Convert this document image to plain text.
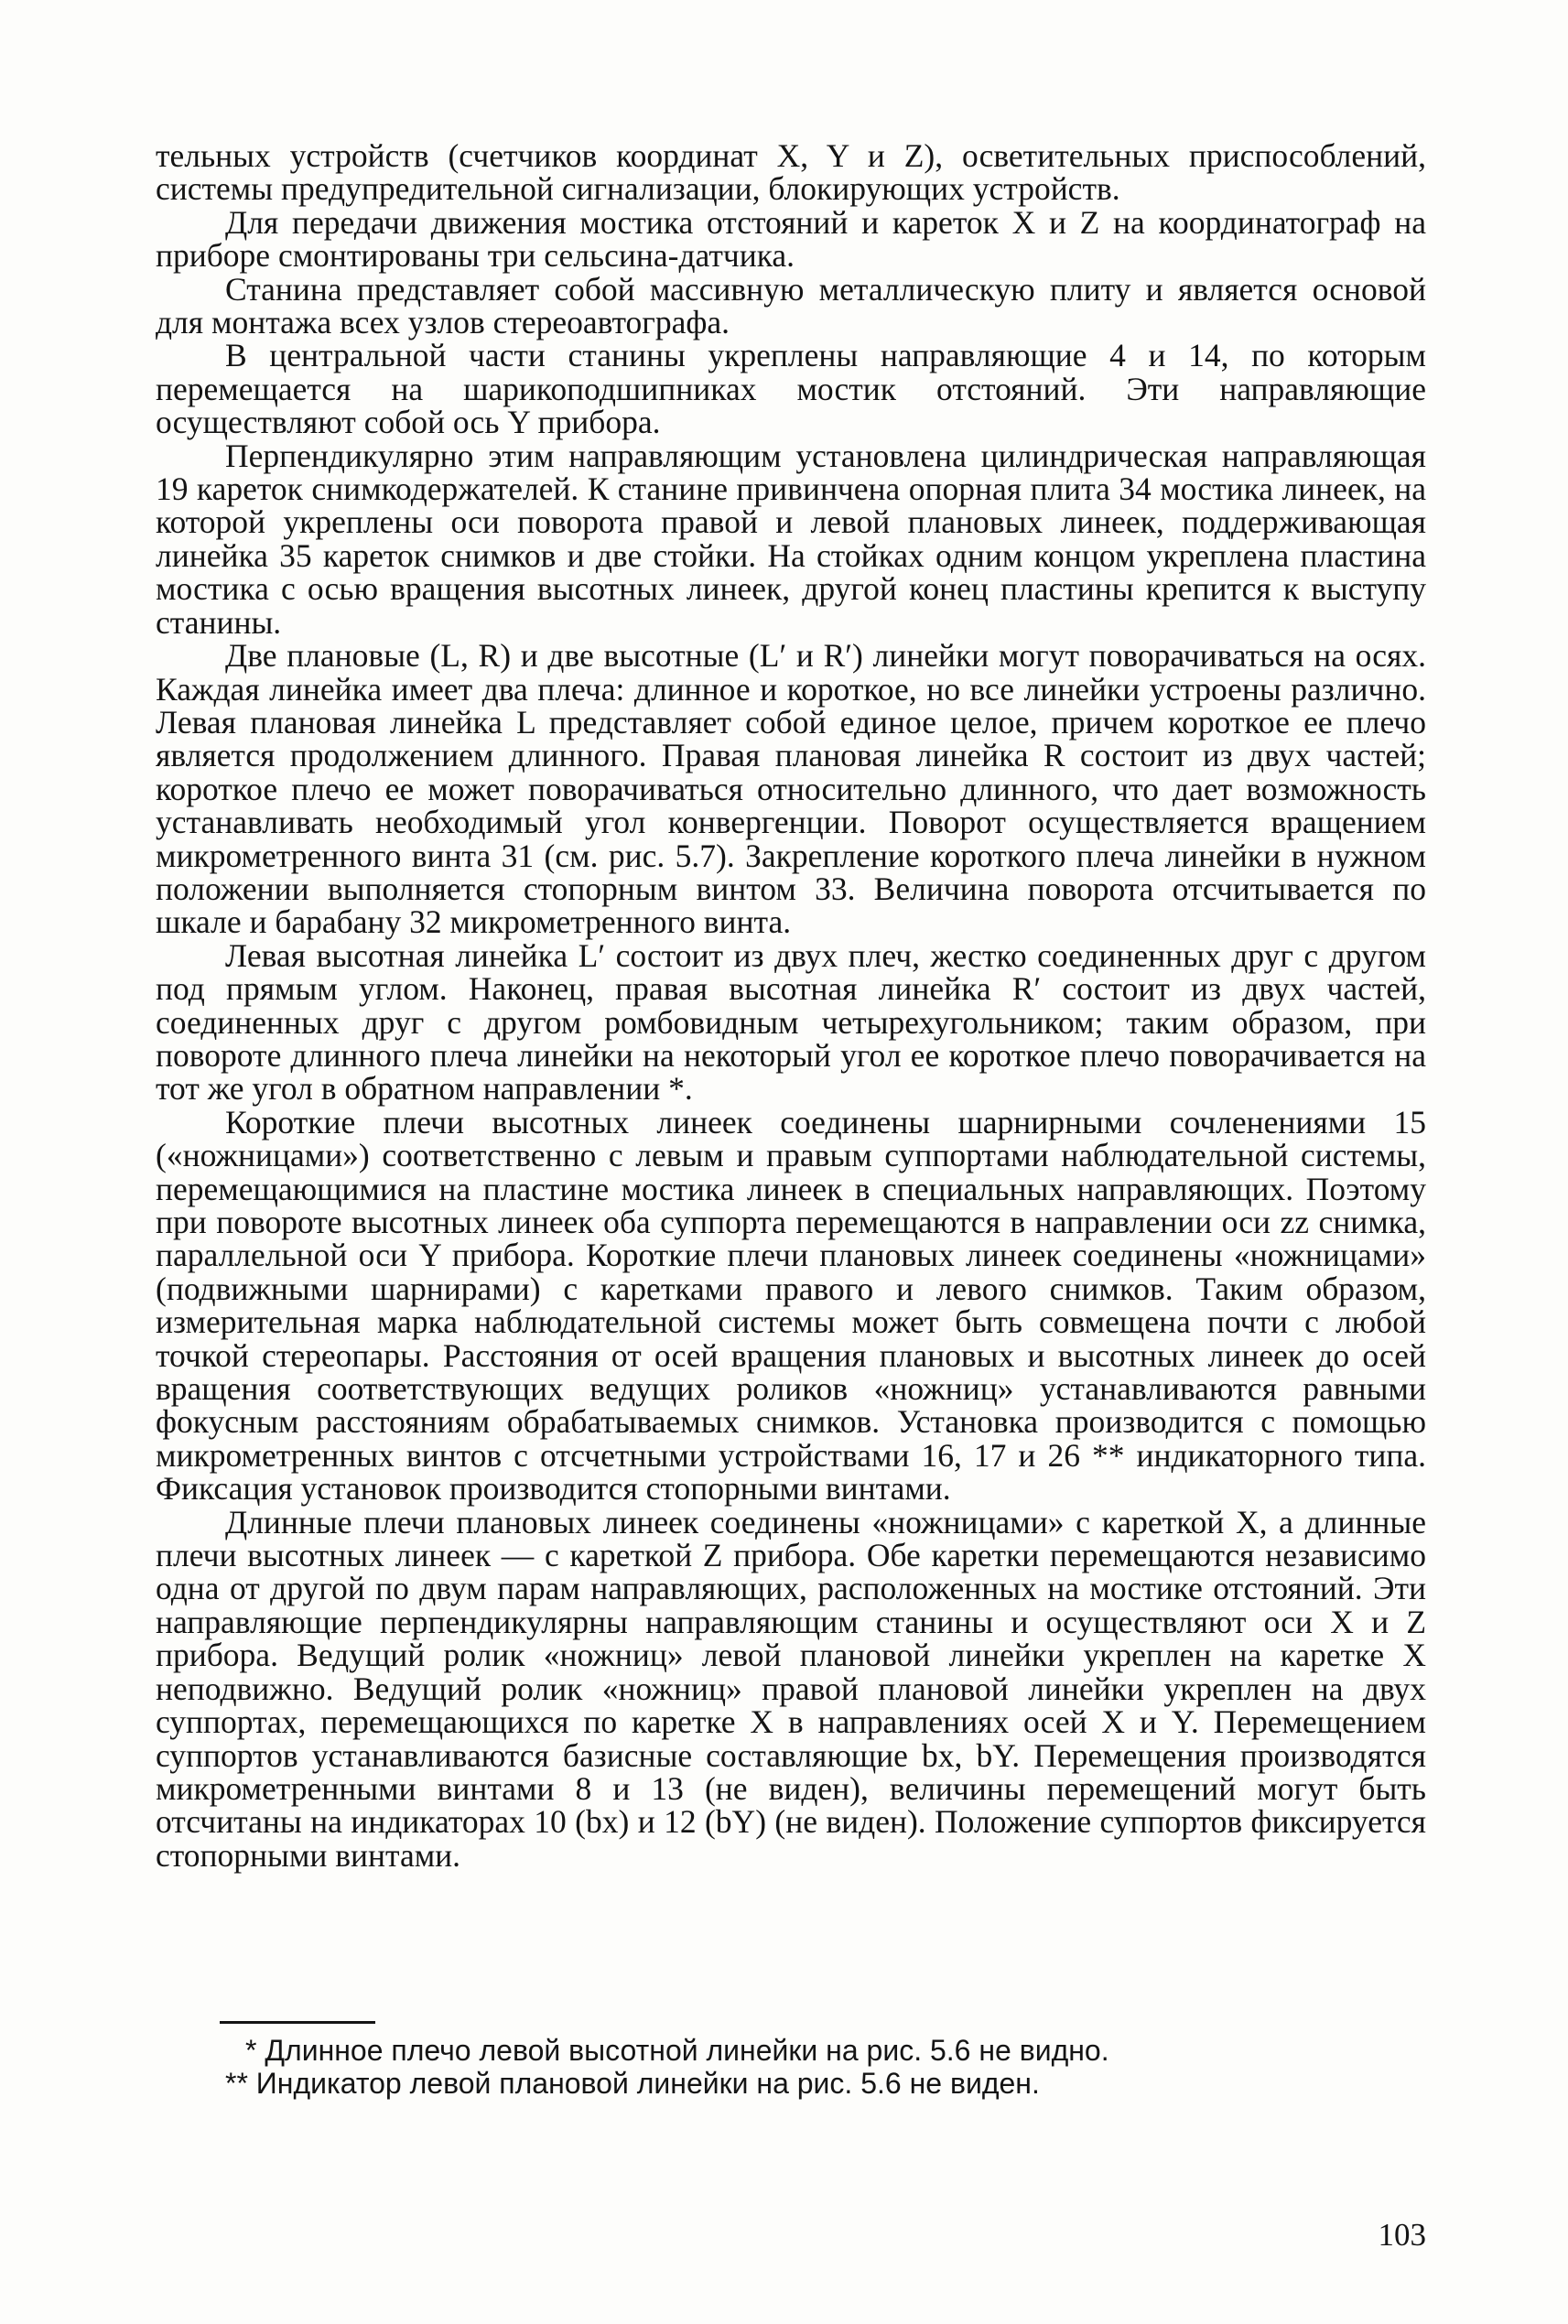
тельных устройств (счетчиков координат X, Y и Z), осветительных приспособлений, системы предупредительной сигнализации, блокирующих устройств.

Для передачи движения мостика отстояний и кареток X и Z на координатограф на приборе смонтированы три сельсина-датчика.

Станина представляет собой массивную металлическую плиту и является основой для монтажа всех узлов стереоавтографа.

В центральной части станины укреплены направляющие 4 и 14, по которым перемещается на шарикоподшипниках мостик отстояний. Эти направляющие осуществляют собой ось Y прибора.

Перпендикулярно этим направляющим установлена цилиндрическая направляющая 19 кареток снимкодержателей. К станине привинчена опорная плита 34 мостика линеек, на которой укреплены оси поворота правой и левой плановых линеек, поддерживающая линейка 35 кареток снимков и две стойки. На стойках одним концом укреплена пластина мостика с осью вращения высотных линеек, другой конец пластины крепится к выступу станины.

Две плановые (L, R) и две высотные (L′ и R′) линейки могут поворачиваться на осях. Каждая линейка имеет два плеча: длинное и короткое, но все линейки устроены различно. Левая плановая линейка L представляет собой единое целое, причем короткое ее плечо является продолжением длинного. Правая плановая линейка R состоит из двух частей; короткое плечо ее может поворачиваться относительно длинного, что дает возможность устанавливать необходимый угол конвергенции. Поворот осуществляется вращением микрометренного винта 31 (см. рис. 5.7). Закрепление короткого плеча линейки в нужном положении выполняется стопорным винтом 33. Величина поворота отсчитывается по шкале и барабану 32 микрометренного винта.

Левая высотная линейка L′ состоит из двух плеч, жестко соединенных друг с другом под прямым углом. Наконец, правая высотная линейка R′ состоит из двух частей, соединенных друг с другом ромбовидным четырехугольником; таким образом, при повороте длинного плеча линейки на некоторый угол ее короткое плечо поворачивается на тот же угол в обратном направлении *.

Короткие плечи высотных линеек соединены шарнирными сочленениями 15 («ножницами») соответственно с левым и правым суппортами наблюдательной системы, перемещающимися на пластине мостика линеек в специальных направляющих. Поэтому при повороте высотных линеек оба суппорта перемещаются в направлении оси zz снимка, параллельной оси Y прибора. Короткие плечи плановых линеек соединены «ножницами» (подвижными шарнирами) с каретками правого и левого снимков. Таким образом, измерительная марка наблюдательной системы может быть совмещена почти с любой точкой стереопары. Расстояния от осей вращения плановых и высотных линеек до осей вращения соответствующих ведущих роликов «ножниц» устанавливаются равными фокусным расстояниям обрабатываемых снимков. Установка производится с помощью микрометренных винтов с отсчетными устройствами 16, 17 и 26 ** индикаторного типа. Фиксация установок производится стопорными винтами.

Длинные плечи плановых линеек соединены «ножницами» с кареткой X, а длинные плечи высотных линеек — с кареткой Z прибора. Обе каретки перемещаются независимо одна от другой по двум парам направляющих, расположенных на мостике отстояний. Эти направляющие перпендикулярны направляющим станины и осуществляют оси X и Z прибора. Ведущий ролик «ножниц» левой плановой линейки укреплен на каретке X неподвижно. Ведущий ролик «ножниц» правой плановой линейки укреплен на двух суппортах, перемещающихся по каретке X в направлениях осей X и Y. Перемещением суппортов устанавливаются базисные составляющие bx, bY. Перемещения производятся микрометренными винтами 8 и 13 (не виден), величины перемещений могут быть отсчитаны на индикаторах 10 (bx) и 12 (bY) (не виден). Положение суппортов фиксируется стопорными винтами.

* Длинное плечо левой высотной линейки на рис. 5.6 не видно.
** Индикатор левой плановой линейки на рис. 5.6 не виден.
103
